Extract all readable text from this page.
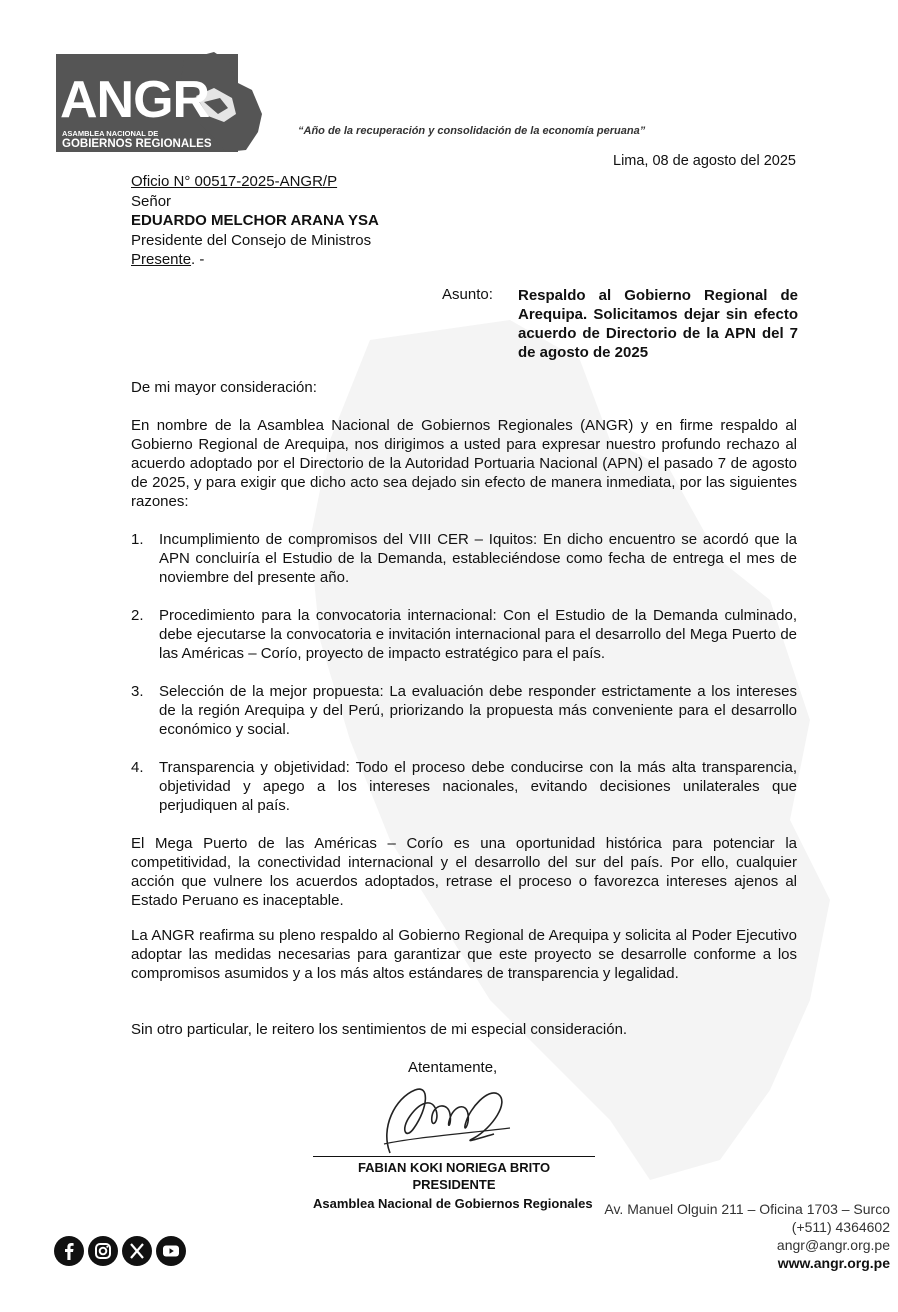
ANGR
ASAMBLEA NACIONAL DE
GOBIERNOS REGIONALES
“Año de la recuperación y consolidación de la economía peruana”
Lima, 08 de agosto del 2025
Oficio N° 00517-2025-ANGR/P
Señor
EDUARDO MELCHOR ARANA YSA
Presidente del Consejo de Ministros
Presente. -
Asunto: Respaldo al Gobierno Regional de Arequipa. Solicitamos dejar sin efecto acuerdo de Directorio de la APN del 7 de agosto de 2025
De mi mayor consideración:
En nombre de la Asamblea Nacional de Gobiernos Regionales (ANGR) y en firme respaldo al Gobierno Regional de Arequipa, nos dirigimos a usted para expresar nuestro profundo rechazo al acuerdo adoptado por el Directorio de la Autoridad Portuaria Nacional (APN) el pasado 7 de agosto de 2025, y para exigir que dicho acto sea dejado sin efecto de manera inmediata, por las siguientes razones:
1.	Incumplimiento de compromisos del VIII CER – Iquitos: En dicho encuentro se acordó que la APN concluiría el Estudio de la Demanda, estableciéndose como fecha de entrega el mes de noviembre del presente año.
2.	Procedimiento para la convocatoria internacional: Con el Estudio de la Demanda culminado, debe ejecutarse la convocatoria e invitación internacional para el desarrollo del Mega Puerto de las Américas – Corío, proyecto de impacto estratégico para el país.
3.	Selección de la mejor propuesta: La evaluación debe responder estrictamente a los intereses de la región Arequipa y del Perú, priorizando la propuesta más conveniente para el desarrollo económico y social.
4.	Transparencia y objetividad: Todo el proceso debe conducirse con la más alta transparencia, objetividad y apego a los intereses nacionales, evitando decisiones unilaterales que perjudiquen al país.
El Mega Puerto de las Américas – Corío es una oportunidad histórica para potenciar la competitividad, la conectividad internacional y el desarrollo del sur del país. Por ello, cualquier acción que vulnere los acuerdos adoptados, retrase el proceso o favorezca intereses ajenos al Estado Peruano es inaceptable.
La ANGR reafirma su pleno respaldo al Gobierno Regional de Arequipa y solicita al Poder Ejecutivo adoptar las medidas necesarias para garantizar que este proyecto se desarrolle conforme a los compromisos asumidos y a los más altos estándares de transparencia y legalidad.
Sin otro particular, le reitero los sentimientos de mi especial consideración.
Atentamente,
FABIAN KOKI NORIEGA BRITO
PRESIDENTE
Asamblea Nacional de Gobiernos Regionales Av. Manuel Olguin 211 – Oficina 1703 – Surco
(+511) 4364602
angr@angr.org.pe
www.angr.org.pe
